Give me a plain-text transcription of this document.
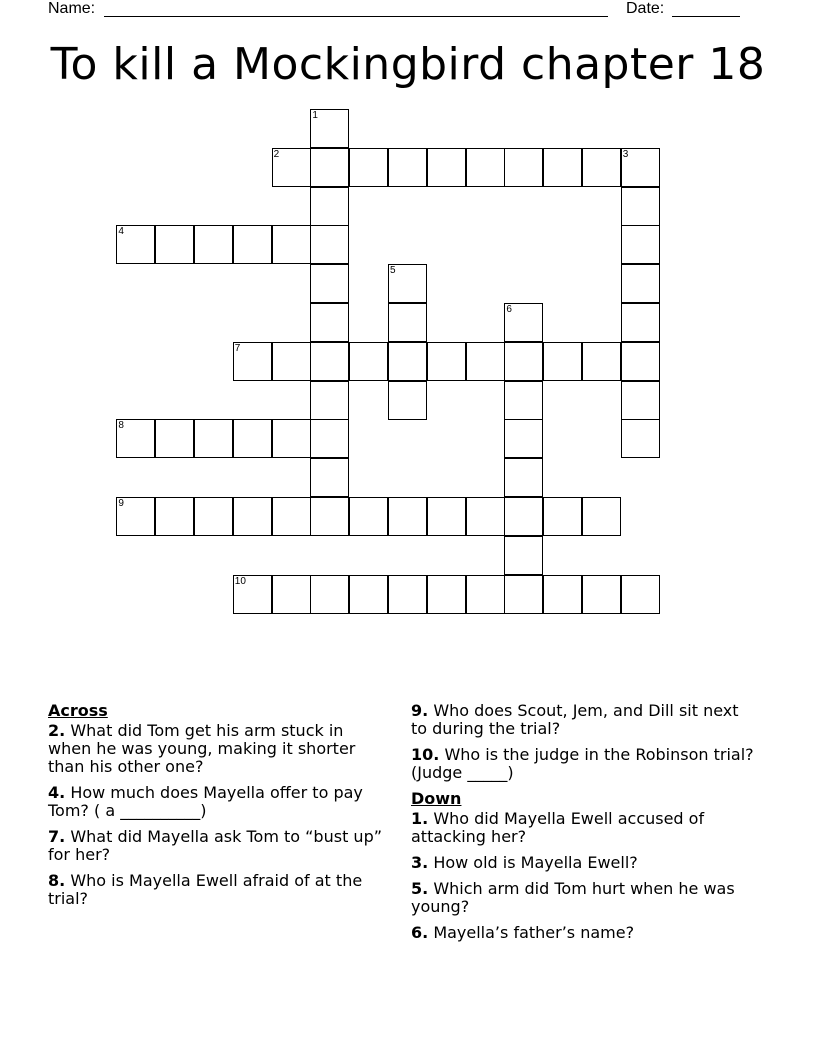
Name:	Date:
To kill a Mockingbird chapter 18
1
2	3
4
5
6
7
8
9
10
Across
2. What did Tom get his arm stuck in when he was young, making it shorter than his other one?
4. How much does Mayella offer to pay Tom? ( a __________)
7. What did Mayella ask Tom to “bust up” for her?
8. Who is Mayella Ewell afraid of at the trial?
9. Who does Scout, Jem, and Dill sit next to during the trial?
10. Who is the judge in the Robinson trial? (Judge _____)
Down
1. Who did Mayella Ewell accused of attacking her?
3. How old is Mayella Ewell?
5. Which arm did Tom hurt when he was young?
6. Mayella’s father’s name?
